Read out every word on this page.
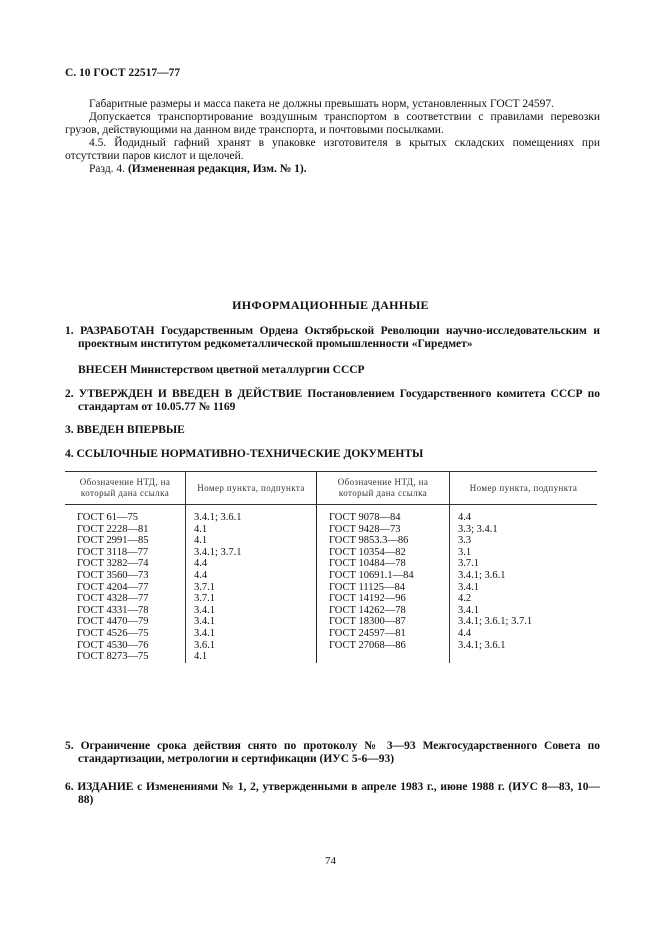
С. 10 ГОСТ 22517—77

Габаритные размеры и масса пакета не должны превышать норм, установленных ГОСТ 24597.

Допускается транспортирование воздушным транспортом в соответствии с правилами перевозки грузов, действующими на данном виде транспорта, и почтовыми посылками.

4.5. Йодидный гафний хранят в упаковке изготовителя в крытых складских помещениях при отсутствии паров кислот и щелочей.

Разд. 4. (Измененная редакция, Изм. № 1).

ИНФОРМАЦИОННЫЕ ДАННЫЕ
1. РАЗРАБОТАН Государственным Ордена Октябрьской Революции научно-исследовательским и проектным институтом редкометаллической промышленности «Гиредмет»
ВНЕСЕН Министерством цветной металлургии СССР
2. УТВЕРЖДЕН И ВВЕДЕН В ДЕЙСТВИЕ Постановлением Государственного комитета СССР по стандартам от 10.05.77 № 1169
3. ВВЕДЕН ВПЕРВЫЕ
4. ССЫЛОЧНЫЕ НОРМАТИВНО-ТЕХНИЧЕСКИЕ ДОКУМЕНТЫ
Обозначение НТД, на который дана ссылка	Номер пункта, подпункта	Обозначение НТД, на который дана ссылка	Номер пункта, подпункта
ГОСТ 61—75	3.4.1; 3.6.1	ГОСТ 9078—84	4.4
ГОСТ 2228—81	4.1	ГОСТ 9428—73	3.3; 3.4.1
ГОСТ 2991—85	4.1	ГОСТ 9853.3—86	3.3
ГОСТ 3118—77	3.4.1; 3.7.1	ГОСТ 10354—82	3.1
ГОСТ 3282—74	4.4	ГОСТ 10484—78	3.7.1
ГОСТ 3560—73	4.4	ГОСТ 10691.1—84	3.4.1; 3.6.1
ГОСТ 4204—77	3.7.1	ГОСТ 11125—84	3.4.1
ГОСТ 4328—77	3.7.1	ГОСТ 14192—96	4.2
ГОСТ 4331—78	3.4.1	ГОСТ 14262—78	3.4.1
ГОСТ 4470—79	3.4.1	ГОСТ 18300—87	3.4.1; 3.6.1; 3.7.1
ГОСТ 4526—75	3.4.1	ГОСТ 24597—81	4.4
ГОСТ 4530—76	3.6.1	ГОСТ 27068—86	3.4.1; 3.6.1
ГОСТ 8273—75	4.1		
5. Ограничение срока действия снято по протоколу № 3—93 Межгосударственного Совета по стандартизации, метрологии и сертификации (ИУС 5-6—93)
6. ИЗДАНИЕ с Изменениями № 1, 2, утвержденными в апреле 1983 г., июне 1988 г. (ИУС 8—83, 10—88)
74
